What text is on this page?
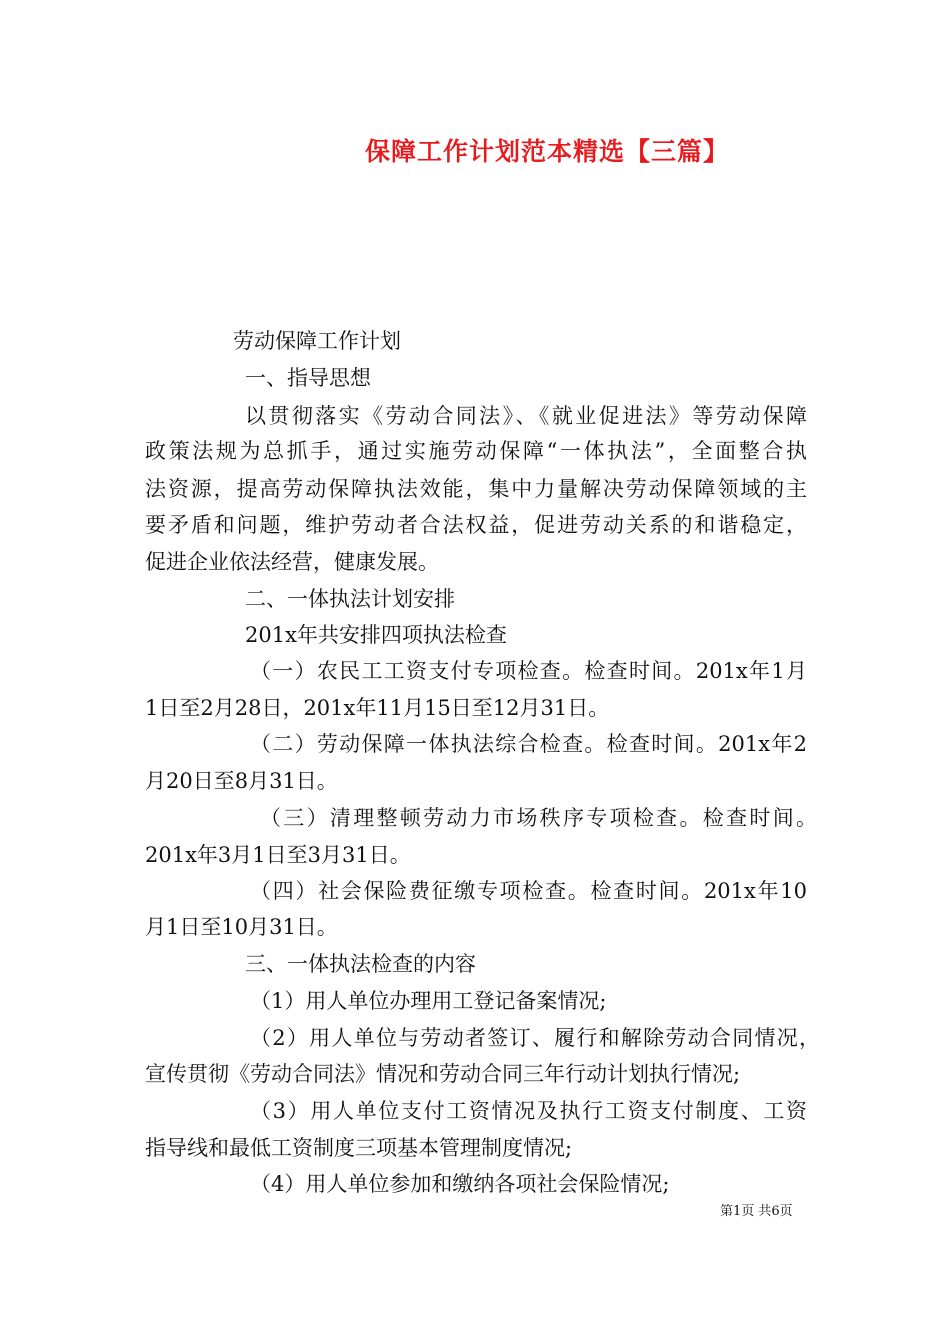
保障工作计划范本精选【三篇】
劳动保障工作计划
一、指导思想
以贯彻落实《劳动合同法》、《就业促进法》等劳动保障
政策法规为总抓手，通过实施劳动保障“一体执法”，全面整合执
法资源，提高劳动保障执法效能，集中力量解决劳动保障领域的主
要矛盾和问题，维护劳动者合法权益，促进劳动关系的和谐稳定，
促进企业依法经营，健康发展。
二、一体执法计划安排
201x年共安排四项执法检查
（一）农民工工资支付专项检查。检查时间。201x年1月
1日至2月28日，201x年11月15日至12月31日。
（二）劳动保障一体执法综合检查。检查时间。201x年2
月20日至8月31日。
（三）清理整顿劳动力市场秩序专项检查。检查时间。
201x年3月1日至3月31日。
（四）社会保险费征缴专项检查。检查时间。201x年10
月1日至10月31日。
三、一体执法检查的内容
（1）用人单位办理用工登记备案情况;
（2）用人单位与劳动者签订、履行和解除劳动合同情况，
宣传贯彻《劳动合同法》情况和劳动合同三年行动计划执行情况;
（3）用人单位支付工资情况及执行工资支付制度、工资
指导线和最低工资制度三项基本管理制度情况;
（4）用人单位参加和缴纳各项社会保险情况;
第1页 共6页
